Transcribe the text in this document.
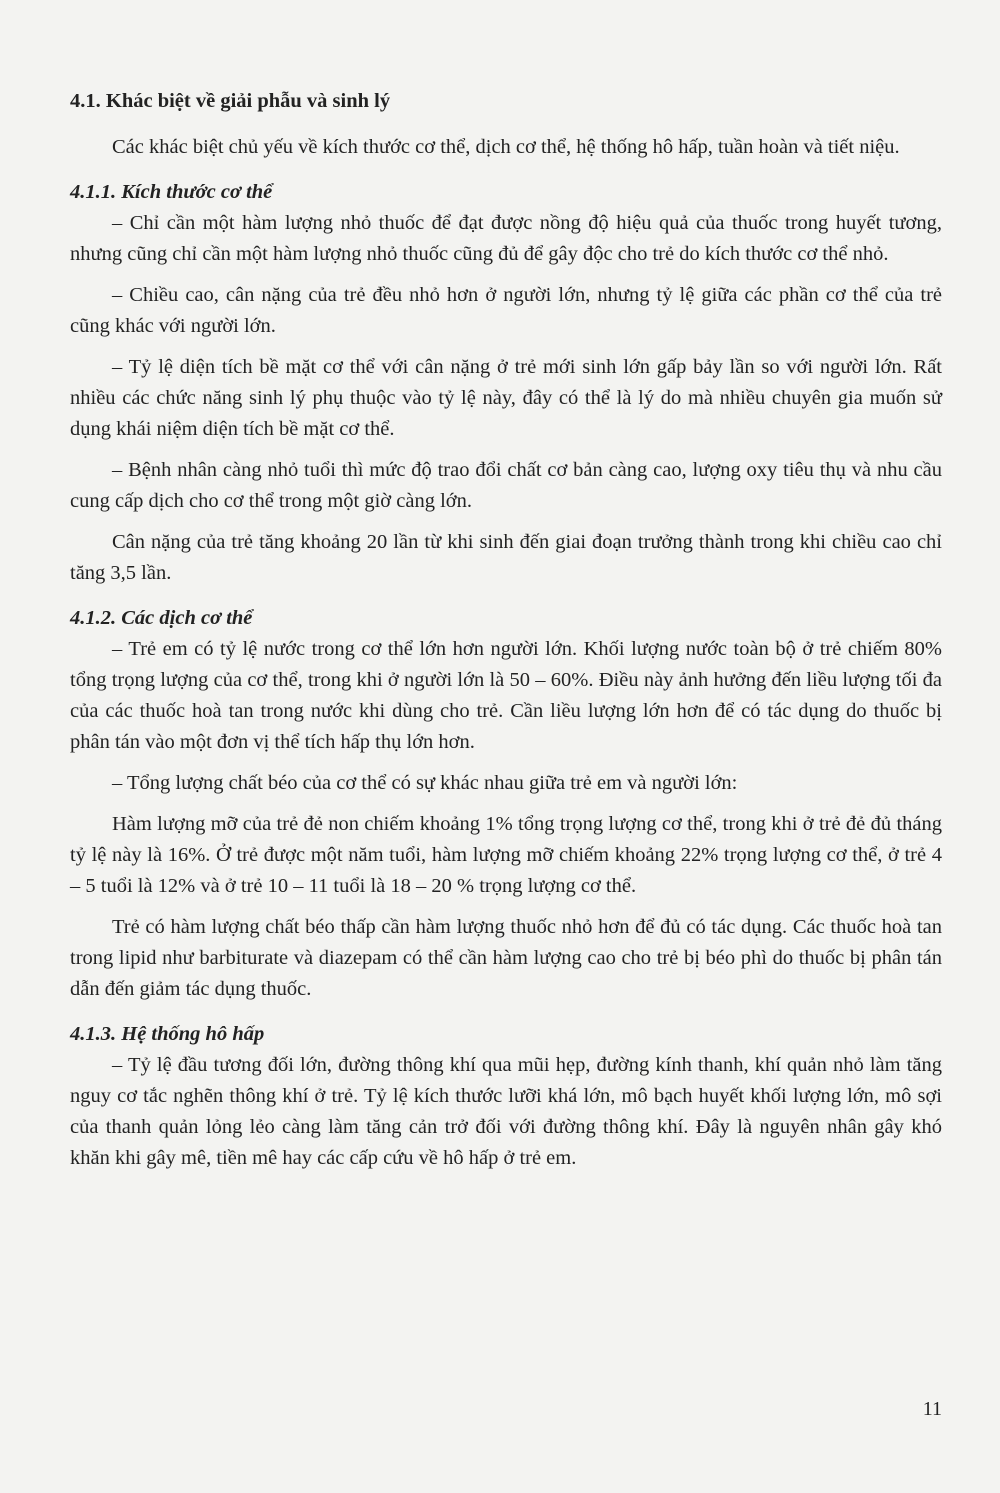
4.1. Khác biệt về giải phẫu và sinh lý

Các khác biệt chủ yếu về kích thước cơ thể, dịch cơ thể, hệ thống hô hấp, tuần hoàn và tiết niệu.

4.1.1. Kích thước cơ thể

– Chỉ cần một hàm lượng nhỏ thuốc để đạt được nồng độ hiệu quả của thuốc trong huyết tương, nhưng cũng chỉ cần một hàm lượng nhỏ thuốc cũng đủ để gây độc cho trẻ do kích thước cơ thể nhỏ.

– Chiều cao, cân nặng của trẻ đều nhỏ hơn ở người lớn, nhưng tỷ lệ giữa các phần cơ thể của trẻ cũng khác với người lớn.

– Tỷ lệ diện tích bề mặt cơ thể với cân nặng ở trẻ mới sinh lớn gấp bảy lần so với người lớn. Rất nhiều các chức năng sinh lý phụ thuộc vào tỷ lệ này, đây có thể là lý do mà nhiều chuyên gia muốn sử dụng khái niệm diện tích bề mặt cơ thể.

– Bệnh nhân càng nhỏ tuổi thì mức độ trao đổi chất cơ bản càng cao, lượng oxy tiêu thụ và nhu cầu cung cấp dịch cho cơ thể trong một giờ càng lớn.

Cân nặng của trẻ tăng khoảng 20 lần từ khi sinh đến giai đoạn trưởng thành trong khi chiều cao chỉ tăng 3,5 lần.

4.1.2. Các dịch cơ thể

– Trẻ em có tỷ lệ nước trong cơ thể lớn hơn người lớn. Khối lượng nước toàn bộ ở trẻ chiếm 80% tổng trọng lượng của cơ thể, trong khi ở người lớn là 50 – 60%. Điều này ảnh hưởng đến liều lượng tối đa của các thuốc hoà tan trong nước khi dùng cho trẻ. Cần liều lượng lớn hơn để có tác dụng do thuốc bị phân tán vào một đơn vị thể tích hấp thụ lớn hơn.

– Tổng lượng chất béo của cơ thể có sự khác nhau giữa trẻ em và người lớn:

Hàm lượng mỡ của trẻ đẻ non chiếm khoảng 1% tổng trọng lượng cơ thể, trong khi ở trẻ đẻ đủ tháng tỷ lệ này là 16%. Ở trẻ được một năm tuổi, hàm lượng mỡ chiếm khoảng 22% trọng lượng cơ thể, ở trẻ 4 – 5 tuổi là 12% và ở trẻ 10 – 11 tuổi là 18 – 20 % trọng lượng cơ thể.

Trẻ có hàm lượng chất béo thấp cần hàm lượng thuốc nhỏ hơn để đủ có tác dụng. Các thuốc hoà tan trong lipid như barbiturate và diazepam có thể cần hàm lượng cao cho trẻ bị béo phì do thuốc bị phân tán dẫn đến giảm tác dụng thuốc.

4.1.3. Hệ thống hô hấp

– Tỷ lệ đầu tương đối lớn, đường thông khí qua mũi hẹp, đường kính thanh, khí quản nhỏ làm tăng nguy cơ tắc nghẽn thông khí ở trẻ. Tỷ lệ kích thước lưỡi khá lớn, mô bạch huyết khối lượng lớn, mô sợi của thanh quản lỏng lẻo càng làm tăng cản trở đối với đường thông khí. Đây là nguyên nhân gây khó khăn khi gây mê, tiền mê hay các cấp cứu về hô hấp ở trẻ em.

11
